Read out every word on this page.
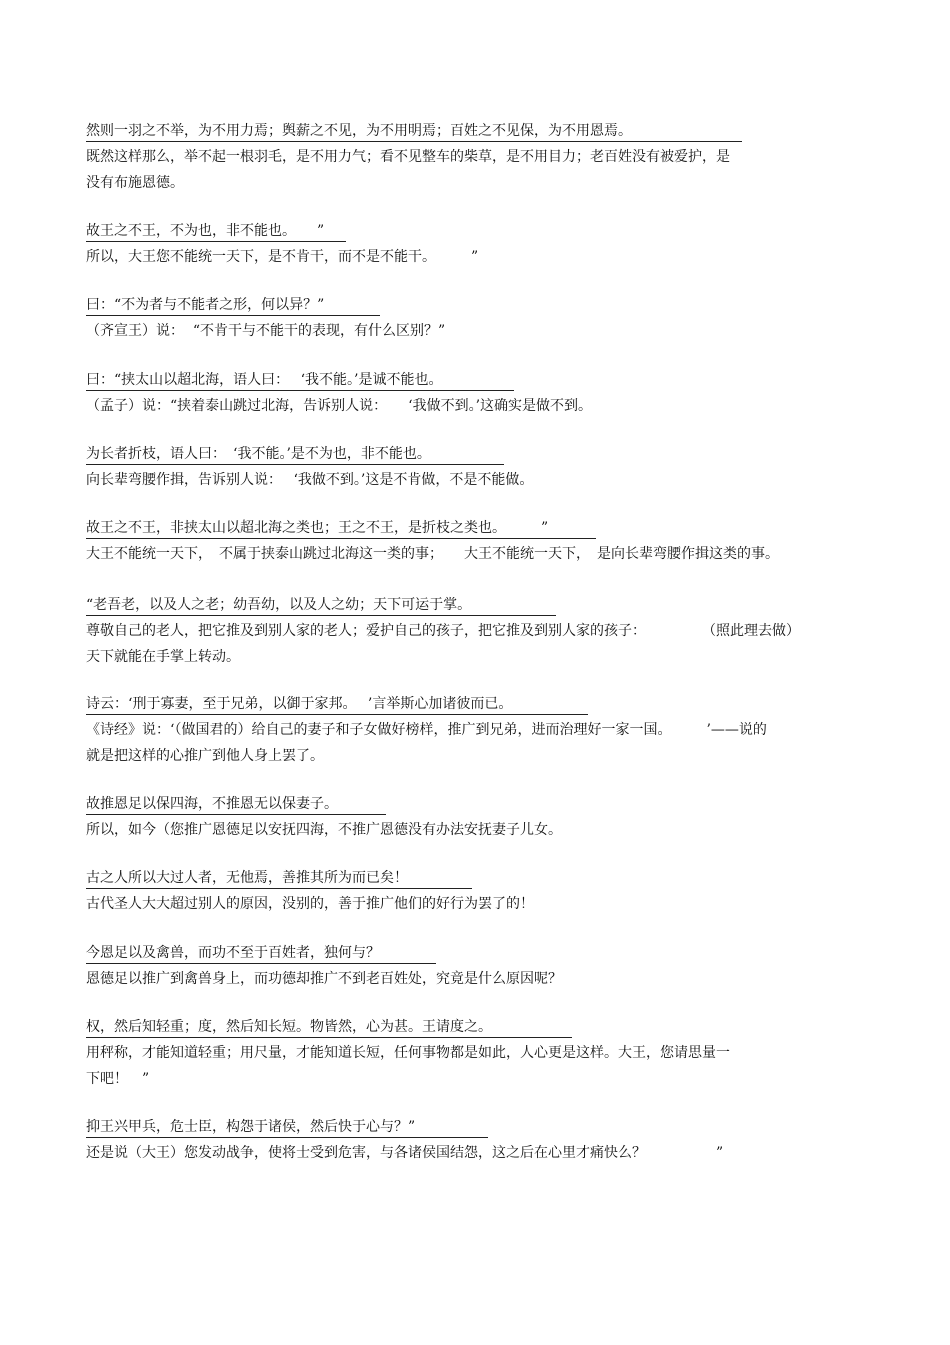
然则一羽之不举，为不用力焉；舆薪之不见，为不用明焉；百姓之不见保，为不用恩焉。
既然这样那么，举不起一根羽毛，是不用力气；看不见整车的柴草，是不用目力；老百姓没有被爱护，是
没有布施恩德。
故王之不王，不为也，非不能也。　　”
所以，大王您不能统一天下，是不肯干，而不是不能干。　　　”
曰：“不为者与不能者之形，何以异？”
（齐宣王）说：  “不肯干与不能干的表现，有什么区别？”
曰：“挟太山以超北海，语人曰：　 ‘我不能。’是诚不能也。
（孟子）说：“挟着泰山跳过北海，告诉别人说：　　‘我做不到。’这确实是做不到。
为长者折枝，语人曰：　‘我不能。’是不为也，非不能也。
向长辈弯腰作揖，告诉别人说：　 ‘我做不到。’这是不肯做，不是不能做。
故王之不王，非挟太山以超北海之类也；王之不王，是折枝之类也。　　　”
大王不能统一天下，　不属于挟泰山跳过北海这一类的事；　　大王不能统一天下，　是向长辈弯腰作揖这类的事。
“老吾老，以及人之老；幼吾幼，以及人之幼；天下可运于掌。
尊敬自己的老人，把它推及到别人家的老人；爱护自己的孩子，把它推及到别人家的孩子：　　　　　（照此理去做）
天下就能在手掌上转动。
诗云：‘刑于寡妻，至于兄弟，以御于家邦。　 ’言举斯心加诸彼而已。
《诗经》说：‘（做国君的）给自己的妻子和子女做好榜样，推广到兄弟，进而治理好一家一国。　　　’——说的
就是把这样的心推广到他人身上罢了。
故推恩足以保四海，不推恩无以保妻子。
所以，如今（您推广恩德足以安抚四海，不推广恩德没有办法安抚妻子儿女。
古之人所以大过人者，无他焉，善推其所为而已矣！
古代圣人大大超过别人的原因，没别的，善于推广他们的好行为罢了的！
今恩足以及禽兽，而功不至于百姓者，独何与？
恩德足以推广到禽兽身上，而功德却推广不到老百姓处，究竟是什么原因呢？
权，然后知轻重；度，然后知长短。物皆然，心为甚。王请度之。
用秤称，才能知道轻重；用尺量，才能知道长短，任何事物都是如此，人心更是这样。大王，您请思量一
下吧！　”
抑王兴甲兵，危士臣，构怨于诸侯，然后快于心与？”
还是说（大王）您发动战争，使将士受到危害，与各诸侯国结怨，这之后在心里才痛快么？　　　　　”
